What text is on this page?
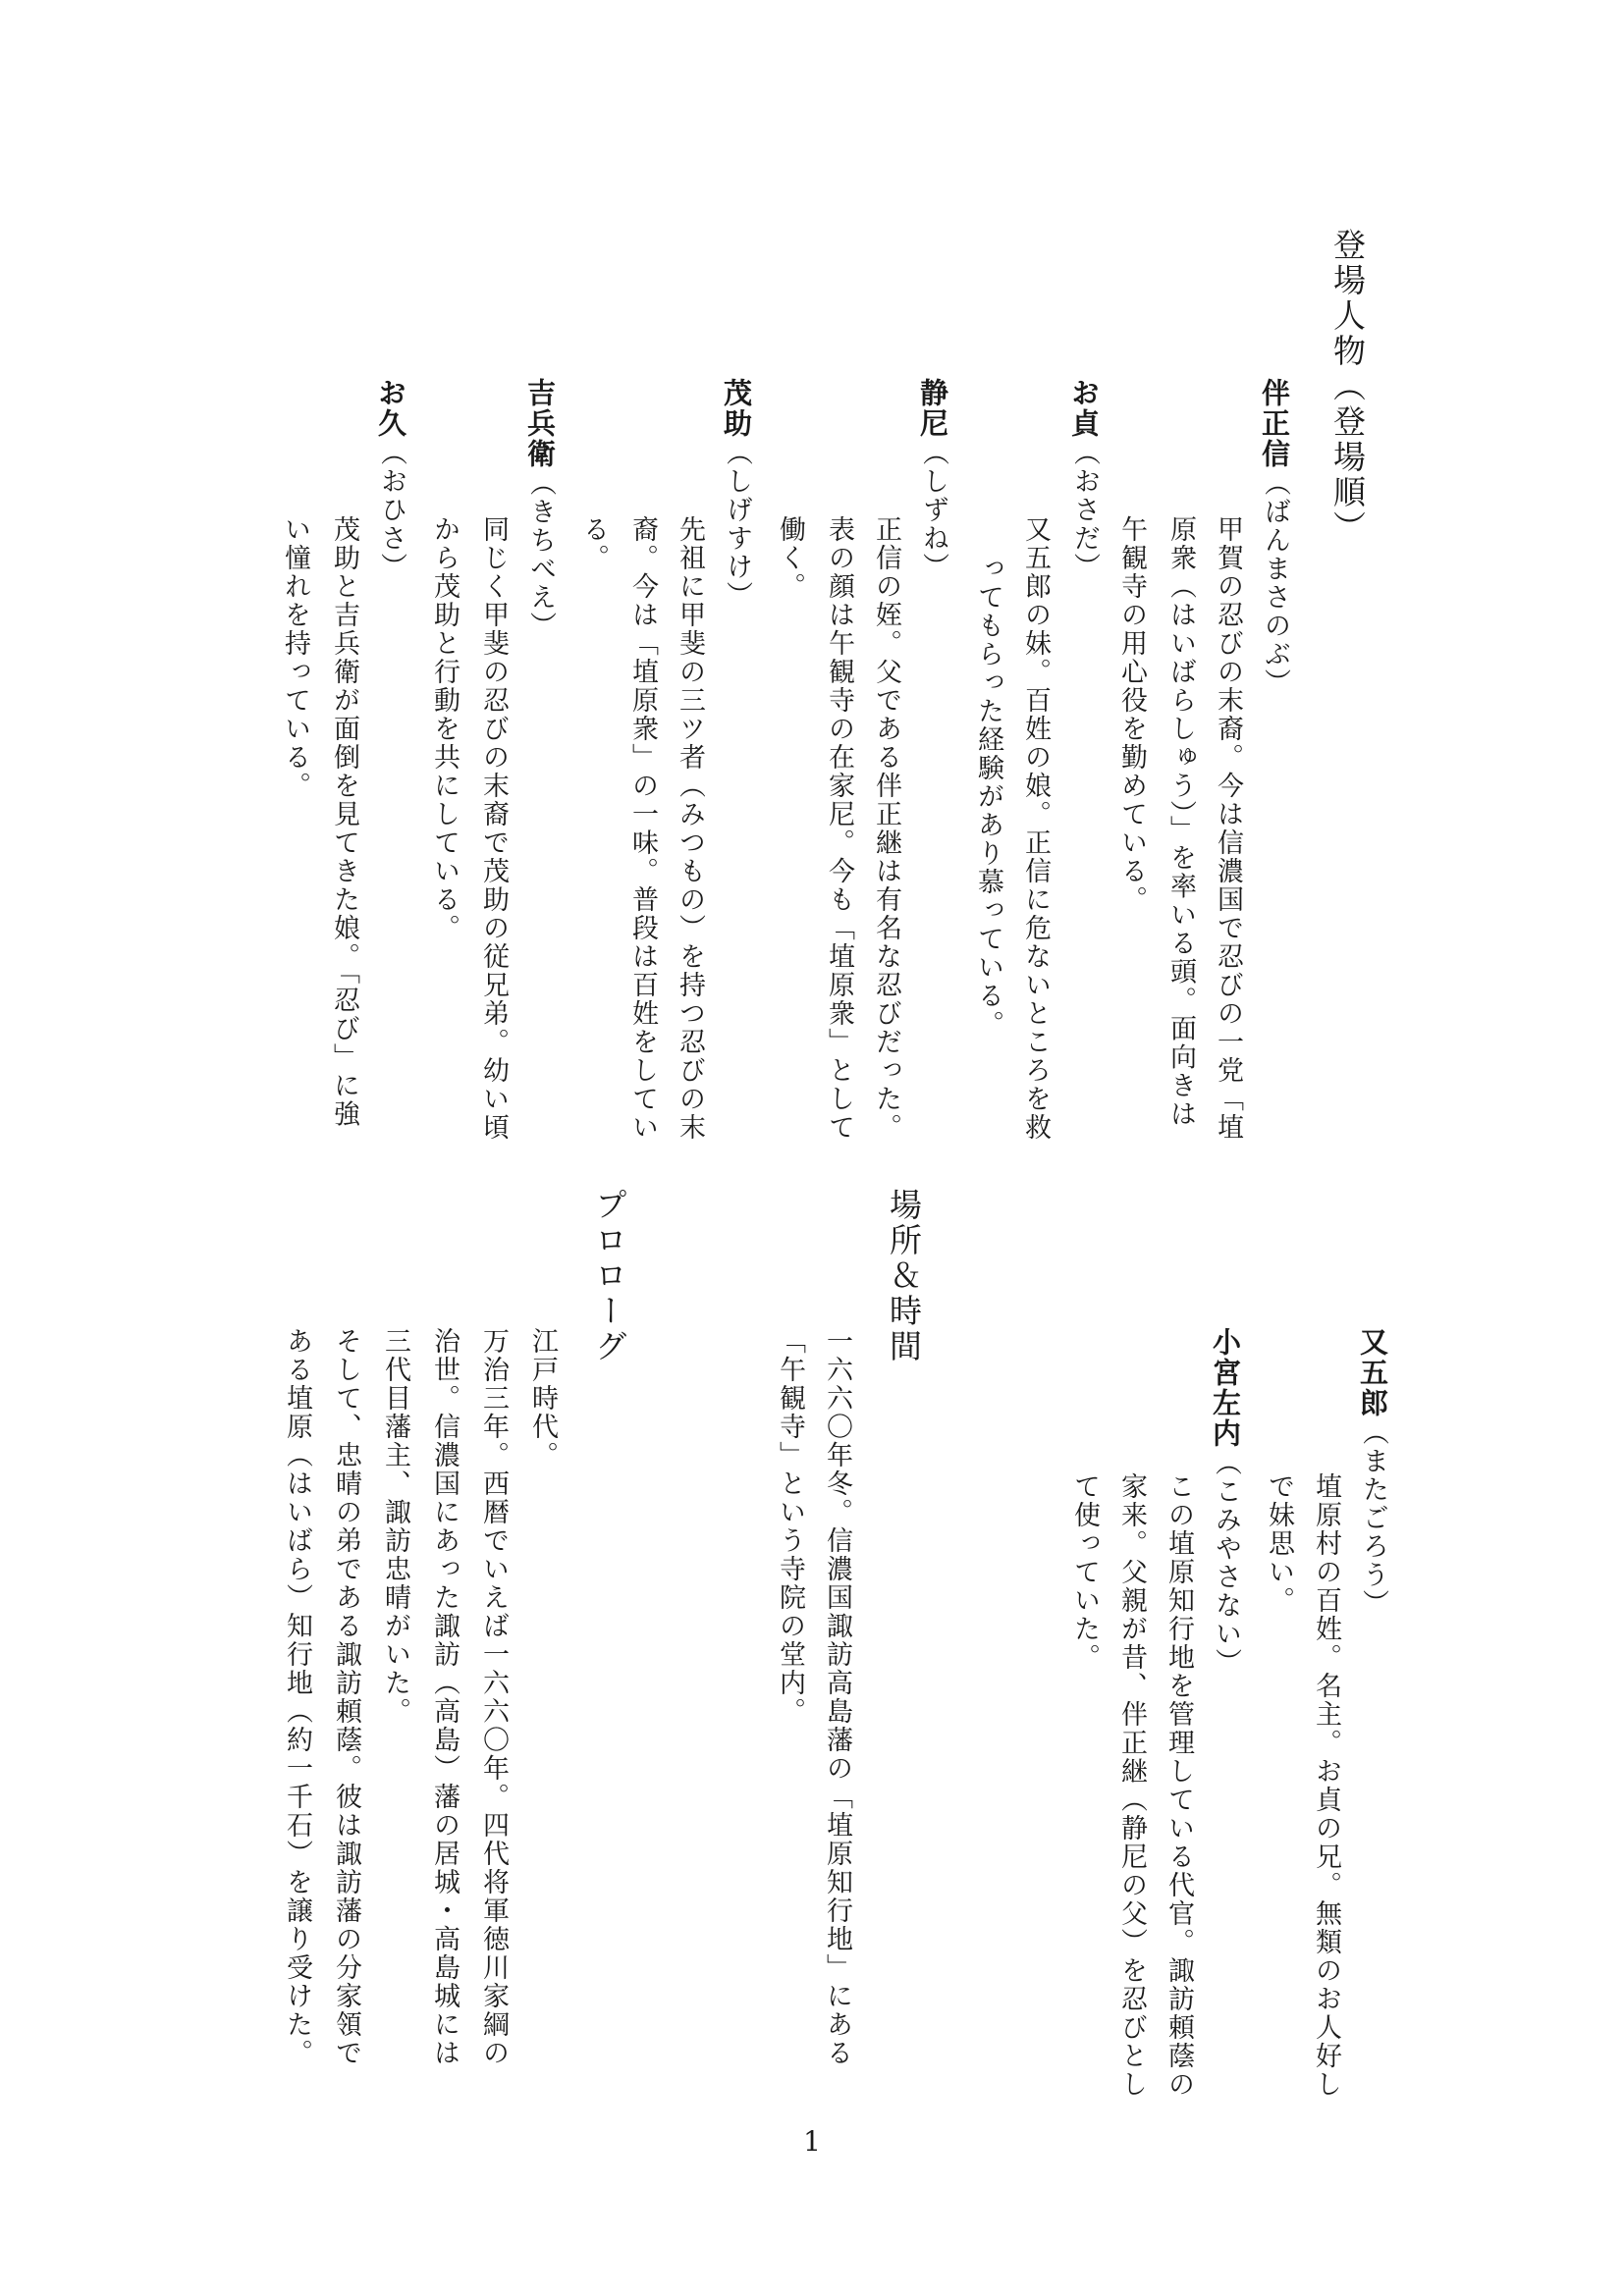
登場人物（登場順）
伴正信（ばんまさのぶ）
甲賀の忍びの末裔。今は信濃国で忍びの一党「埴
原衆（はいばらしゅう）」を率いる頭。面向きは
午観寺の用心役を勤めている。
お貞（おさだ）
又五郎の妹。百姓の娘。正信に危ないところを救
ってもらった経験があり慕っている。
静尼（しずね）
正信の姪。父である伴正継は有名な忍びだった。
表の顔は午観寺の在家尼。今も「埴原衆」として
働く。
茂助（しげすけ）
先祖に甲斐の三ツ者（みつもの）を持つ忍びの末
裔。今は「埴原衆」の一味。普段は百姓をしてい
る。
吉兵衛（きちべえ）
同じく甲斐の忍びの末裔で茂助の従兄弟。幼い頃
から茂助と行動を共にしている。
お久（おひさ）
茂助と吉兵衛が面倒を見てきた娘。「忍び」に強
い憧れを持っている。
又五郎（またごろう）
埴原村の百姓。名主。お貞の兄。無類のお人好し
で妹思い。
小宮左内（こみやさない）
この埴原知行地を管理している代官。諏訪頼蔭の
家来。父親が昔、伴正継（静尼の父）を忍びとし
て使っていた。
場所＆時間
一六六〇年冬。信濃国諏訪高島藩の「埴原知行地」にある
「午観寺」という寺院の堂内。
プロローグ
江戸時代。
万治三年。西暦でいえば一六六〇年。四代将軍徳川家綱の
治世。信濃国にあった諏訪（高島）藩の居城・高島城には
三代目藩主、諏訪忠晴がいた。
そして、忠晴の弟である諏訪頼蔭。彼は諏訪藩の分家領で
ある埴原（はいばら）知行地（約一千石）を譲り受けた。
1
